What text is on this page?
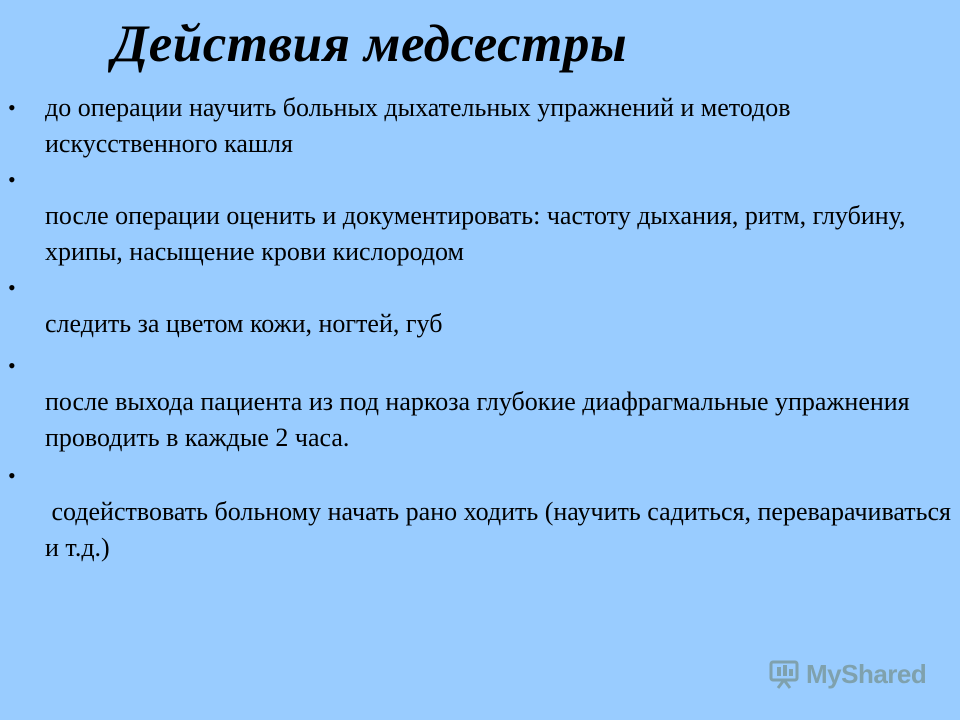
Действия медсестры
• до операции научить больных дыхательных упражнений и методов искусственного кашля
•
после операции оценить и документировать: частоту дыхания, ритм, глубину, хрипы, насыщение крови кислородом
•
следить за цветом кожи, ногтей, губ
•
после выхода пациента из под наркоза глубокие диафрагмальные упражнения проводить в каждые 2 часа.
•
содействовать больному начать рано ходить (научить садиться, переварачиваться и т.д.)
MyShared
